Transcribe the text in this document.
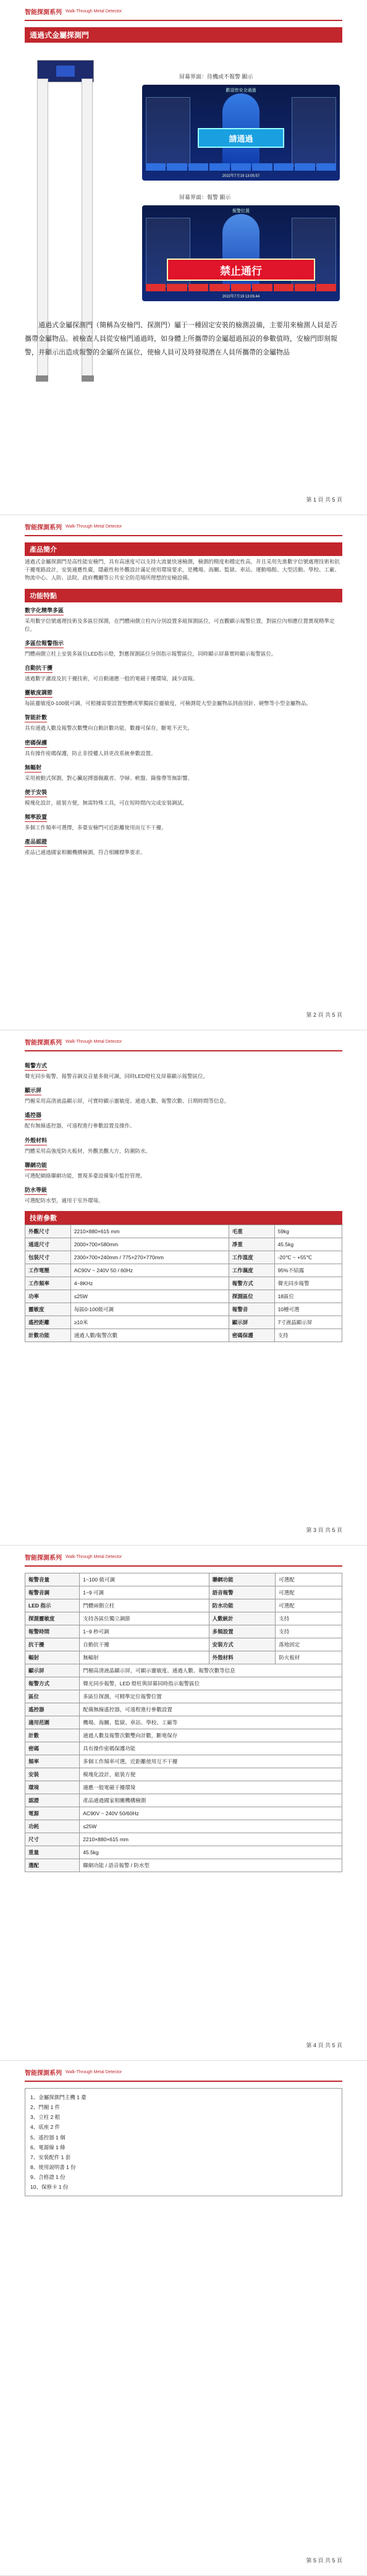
智能探測系列 Walk-Through Metal Detector
通過式金屬探測門
屏幕界面：待機或不報警 顯示
歡迎您安全通過
請通過
2022年7月19 13:05:57
屏幕界面：報警 顯示
報警位置
禁止通行
2022年7月19 13:05:44
通過式金屬探測門（簡稱為安檢門、探測門）屬于一種固定安裝的檢測設備，主要用來檢測人員是否攜帶金屬物品。被檢查人員從安檢門通過時，如身體上所攜帶的金屬超過預設的參數值時，安檢門即刻報警，并顯示出造成報警的金屬所在區位，使檢人員可及時發現潛在人員所攜帶的金屬物品
第 1 頁 共 5 頁
智能探測系列 Walk-Through Metal Detector
產品簡介
通過式金屬探測門是高性能安檢門，具有高速度可以支持大流量快速檢測，檢測的精度和穩定性高，并且采用先進數字信號處理技術和抗干擾電路設計，安裝適應性廣，隱蔽性和外觀設計滿足使用環境要求，是機場、海關、監獄、車站、運動場館、大型活動、學校、工廠、物流中心、人防、法院、政府機關等公共安全防范場所理想的安檢設備。
功能特點
數字化精準多區
采用數字信號處理技術及多區位探測，在門體兩側立柱內分別設置多組探測區位，可直觀顯示報警位置，對區位內相應位置實現精準定位。
多區位報警指示
門體兩側立柱上安裝多區位LED指示燈，對應探測區位分別指示報警區位，同時顯示屏幕實時顯示報警區位。
自動抗干擾
通過數字濾波及抗干擾技術，可自動適應一般的電磁干擾環境，減少誤報。
靈敏度調節
每區靈敏度0-100級可調，可根據需要設置整體或單獨區位靈敏度，可檢測從大型金屬物品到曲別針、硬幣等小型金屬物品。
智能計數
具有通過人數及報警次數雙向自動計數功能，數據可保存，斷電不丟失。
密碼保護
具有操作密碼保護，防止非授權人員更改系統參數設置。
無輻射
采用被動式探測，對心臟起搏器佩戴者、孕婦、軟盤、錄像帶等無影響。
便于安裝
模塊化設計，組裝方便，無需特殊工具，可在短時間內完成安裝調試。
頻率設置
多個工作頻率可選擇，多臺安檢門可近距離使用而互不干擾。
產品認證
產品已通過國家相關機構檢測，符合相關標準要求。
第 2 頁 共 5 頁
智能探測系列 Walk-Through Metal Detector
報警方式
聲光同步報警，報警音調及音量多級可調，同時LED燈柱及屏幕顯示報警區位。
顯示屏
門楣采用高清液晶顯示屏，可實時顯示靈敏度、通過人數、報警次數、日期時間等信息。
遙控器
配有無線遙控器，可遠程進行參數設置及操作。
外殼材料
門體采用高強度防火板材，外觀美觀大方，防潮防水。
聯網功能
可選配網絡聯網功能，實現多臺設備集中監控管理。
防水等級
可選配防水型，適用于室外環境。
技術參數
外觀尺寸	2210×880×615 mm	毛重	59kg
通道尺寸	2000×700×580mm	凈重	45.5kg
包裝尺寸	2300×700×240mm / 775×270×770mm	工作溫度	-20℃ ~ +55℃
工作電壓	AC90V ~ 240V 50 / 60Hz	工作濕度	95%不結露
工作頻率	4~8KHz	報警方式	聲光同步報警
功率	≤25W	探測區位	18區位
靈敏度	每區0-100級可調	報警音	10種可選
遙控距離	≥10米	顯示屏	7寸液晶顯示屏
計數功能	通過人數/報警次數	密碼保護	支持
第 3 頁 共 5 頁
智能探測系列 Walk-Through Metal Detector
報警音量	1~100 級可調	聯網功能	可選配
報警音調	1~9 可調	語音報警	可選配
LED 指示	門體兩側立柱	防水功能	可選配
探測靈敏度	支持各區位獨立調節	人數統計	支持
報警時間	1~9 秒可調	多頻設置	支持
抗干擾	自動抗干擾	安裝方式	落地固定
輻射	無輻射	外殼材料	防火板材
顯示屏	門楣高清液晶顯示屏，可顯示靈敏度、通過人數、報警次數等信息		
報警方式	聲光同步報警，LED 燈柱與屏幕同時指示報警區位		
區位	多區位探測，可精準定位報警位置		
遙控器	配備無線遙控器，可遠程進行參數設置		
適用范圍	機場、海關、監獄、車站、學校、工廠等		
計數	通過人數及報警次數雙向計數，斷電保存		
密碼	具有操作密碼保護功能		
頻率	多個工作頻率可選，近距離使用互不干擾		
安裝	模塊化設計，組裝方便		
環境	適應一般電磁干擾環境		
認證	產品通過國家相關機構檢測		
電源	AC90V ~ 240V 50/60Hz		
功耗	≤25W		
尺寸	2210×880×615 mm		
重量	45.5kg		
選配	聯網功能 / 語音報警 / 防水型		
第 4 頁 共 5 頁
智能探測系列 Walk-Through Metal Detector
1、金屬探測門主機 1 臺
2、門楣 1 件
3、立柱 2 根
4、底座 2 件
5、遙控器 1 個
6、電源線 1 條
7、安裝配件 1 套
8、使用說明書 1 份
9、合格證 1 份
10、保修卡 1 份
第 5 頁 共 5 頁
